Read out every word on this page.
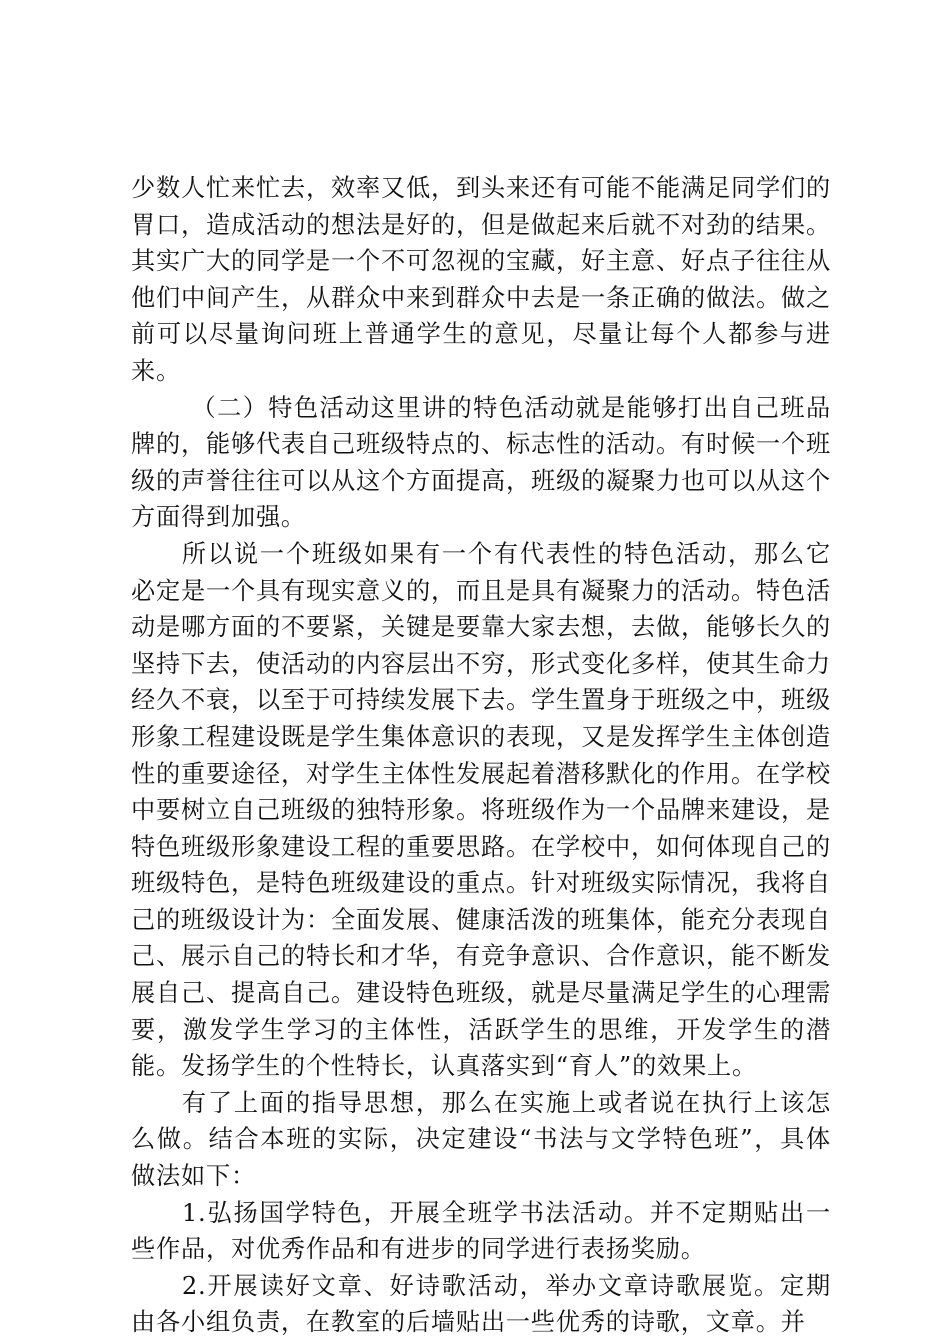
少数人忙来忙去，效率又低，到头来还有可能不能满足同学们的胃口，造成活动的想法是好的，但是做起来后就不对劲的结果。其实广大的同学是一个不可忽视的宝藏，好主意、好点子往往从他们中间产生，从群众中来到群众中去是一条正确的做法。做之前可以尽量询问班上普通学生的意见，尽量让每个人都参与进来。

（二）特色活动这里讲的特色活动就是能够打出自己班品牌的，能够代表自己班级特点的、标志性的活动。有时候一个班级的声誉往往可以从这个方面提高，班级的凝聚力也可以从这个方面得到加强。

所以说一个班级如果有一个有代表性的特色活动，那么它必定是一个具有现实意义的，而且是具有凝聚力的活动。特色活动是哪方面的不要紧，关键是要靠大家去想，去做，能够长久的坚持下去，使活动的内容层出不穷，形式变化多样，使其生命力经久不衰，以至于可持续发展下去。学生置身于班级之中，班级形象工程建设既是学生集体意识的表现，又是发挥学生主体创造性的重要途径，对学生主体性发展起着潜移默化的作用。在学校中要树立自己班级的独特形象。将班级作为一个品牌来建设，是特色班级形象建设工程的重要思路。在学校中，如何体现自己的班级特色，是特色班级建设的重点。针对班级实际情况，我将自己的班级设计为：全面发展、健康活泼的班集体，能充分表现自己、展示自己的特长和才华，有竞争意识、合作意识，能不断发展自己、提高自己。建设特色班级，就是尽量满足学生的心理需要，激发学生学习的主体性，活跃学生的思维，开发学生的潜能。发扬学生的个性特长，认真落实到“育人”的效果上。

有了上面的指导思想，那么在实施上或者说在执行上该怎么做。结合本班的实际，决定建设“书法与文学特色班”，具体做法如下：

1.弘扬国学特色，开展全班学书法活动。并不定期贴出一些作品，对优秀作品和有进步的同学进行表扬奖励。

2.开展读好文章、好诗歌活动，举办文章诗歌展览。定期由各小组负责，在教室的后墙贴出一些优秀的诗歌，文章。并
